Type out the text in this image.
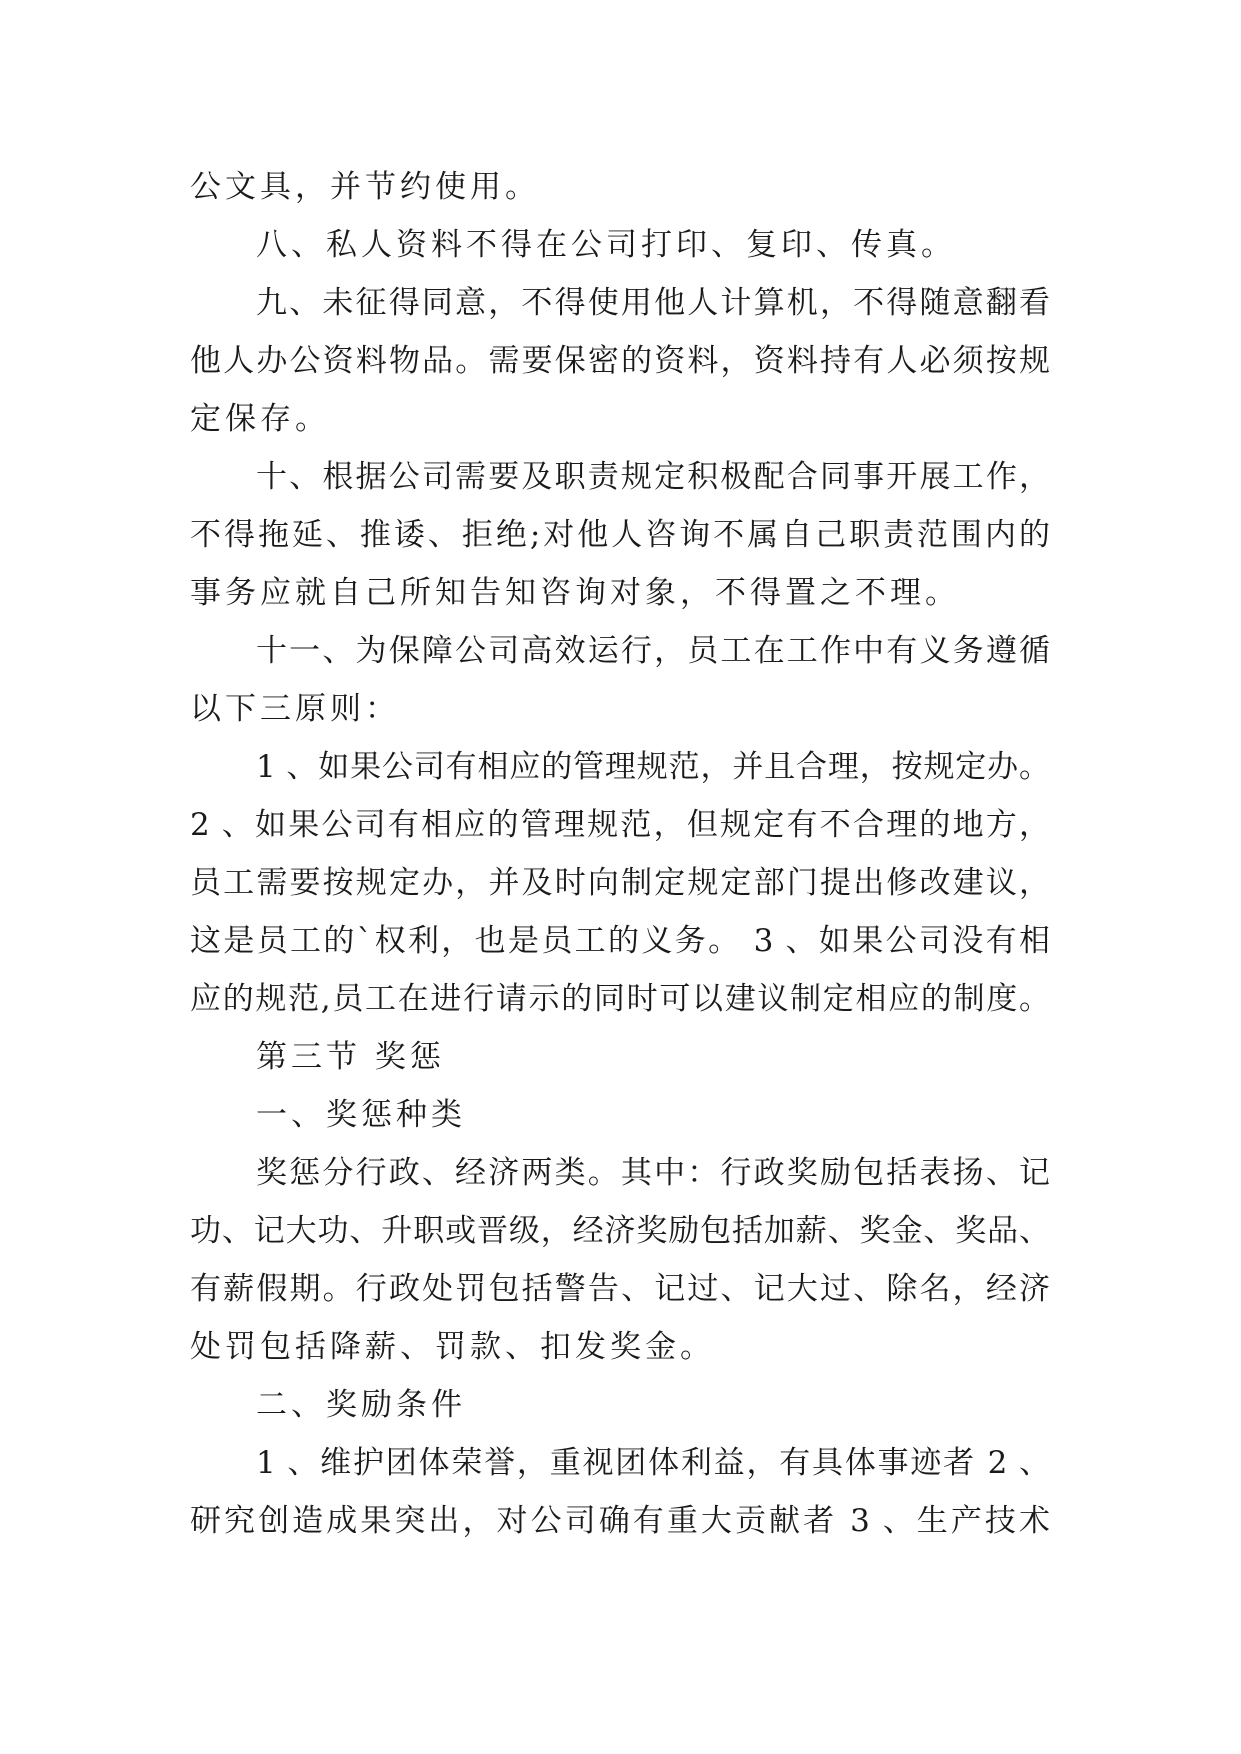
公文具，并节约使用。
八、私人资料不得在公司打印、复印、传真。
九、未征得同意，不得使用他人计算机，不得随意翻看
他人办公资料物品。需要保密的资料，资料持有人必须按规
定保存。
十、根据公司需要及职责规定积极配合同事开展工作，
不得拖延、推诿、拒绝;对他人咨询不属自己职责范围内的
事务应就自己所知告知咨询对象，不得置之不理。
十一、为保障公司高效运行，员工在工作中有义务遵循
以下三原则：
1 、如果公司有相应的管理规范，并且合理，按规定办。
2 、如果公司有相应的管理规范，但规定有不合理的地方，
员工需要按规定办，并及时向制定规定部门提出修改建议，
这是员工的`权利，也是员工的义务。 3 、如果公司没有相
应的规范,员工在进行请示的同时可以建议制定相应的制度。
第三节 奖惩
一、奖惩种类
奖惩分行政、经济两类。其中：行政奖励包括表扬、记
功、记大功、升职或晋级，经济奖励包括加薪、奖金、奖品、
有薪假期。行政处罚包括警告、记过、记大过、除名，经济
处罚包括降薪、罚款、扣发奖金。
二、奖励条件
1 、维护团体荣誉，重视团体利益，有具体事迹者 2 、
研究创造成果突出，对公司确有重大贡献者 3 、生产技术
